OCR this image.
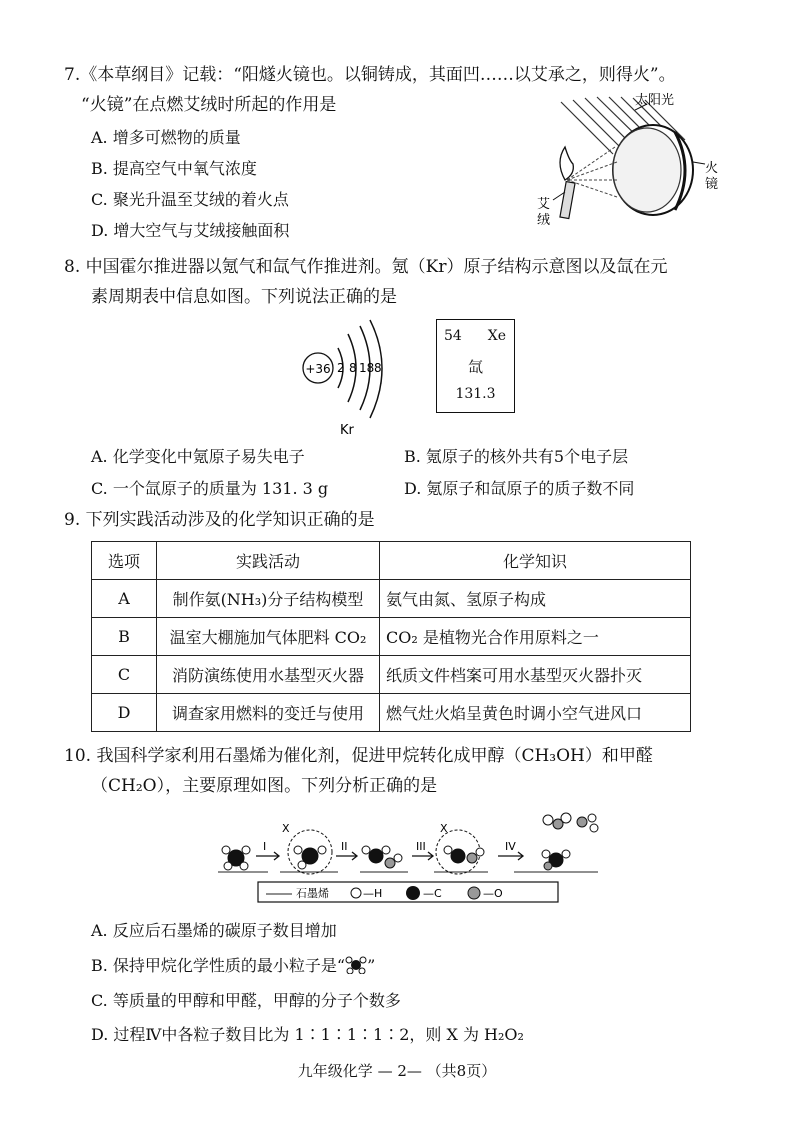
7.《本草纲目》记载：“阳燧火镜也。以铜铸成，其面凹……以艾承之，则得火”。
“火镜”在点燃艾绒时所起的作用是
A. 增多可燃物的质量
B. 提高空气中氧气浓度
C. 聚光升温至艾绒的着火点
D. 增大空气与艾绒接触面积
太阳光
火
镜
艾
绒
8. 中国霍尔推进器以氪气和氙气作推进剂。氪（Kr）原子结构示意图以及氙在元
素周期表中信息如图。下列说法正确的是
+36 2 8 18 8
Kr
54 Xe
氙
131.3
A. 化学变化中氪原子易失电子	B. 氪原子的核外共有5个电子层
C. 一个氙原子的质量为 131. 3 g	D. 氪原子和氙原子的质子数不同
9. 下列实践活动涉及的化学知识正确的是
选项	实践活动	化学知识
A	制作氨(NH₃)分子结构模型	氨气由氮、氢原子构成
B	温室大棚施加气体肥料 CO₂	CO₂ 是植物光合作用原料之一
C	消防演练使用水基型灭火器	纸质文件档案可用水基型灭火器扑灭
D	调查家用燃料的变迁与使用	燃气灶火焰呈黄色时调小空气进风口
10. 我国科学家利用石墨烯为催化剂，促进甲烷转化成甲醇（CH₃OH）和甲醛
（CH₂O），主要原理如图。下列分析正确的是
I	II	III	IV
X	X
石墨烯	—H	—C	—O
A. 反应后石墨烯的碳原子数目增加
B. 保持甲烷化学性质的最小粒子是“ ”
C. 等质量的甲醇和甲醛，甲醇的分子个数多
D. 过程Ⅳ中各粒子数目比为 1∶1∶1∶1∶2，则 X 为 H₂O₂
九年级化学 — 2— （共8页）
